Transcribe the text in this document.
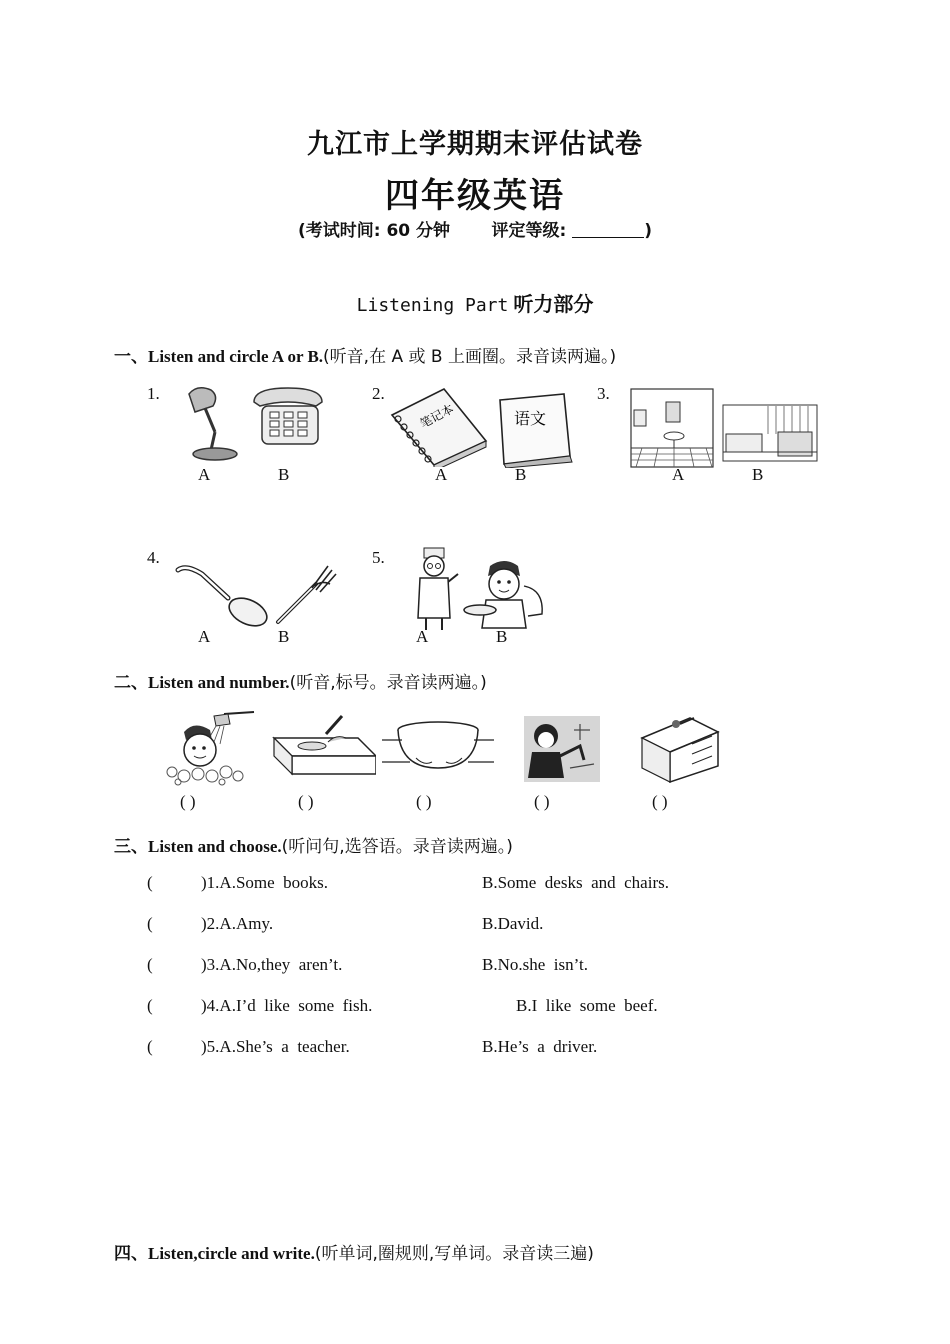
九江市上学期期末评估试卷
四年级英语
(考试时间: 60 分钟 评定等级:	)
Listening Part 听力部分
一、Listen and circle A or B.(听音,在 A 或 B 上画圈。录音读两遍。)
1.
A	B
2.
笔记本	语文
A	B
3.
A	B
4.
A	B
5.
A	B
二、Listen and number.(听音,标号。录音读两遍。)
( )	( )	( )	( )	( )
三、Listen and choose.(听问句,选答语。录音读两遍。)
(	)1.A.Some  books.	B.Some  desks  and  chairs.
(	)2.A.Amy.	B.David.
(	)3.A.No,they  aren’t.	B.No.she  isn’t.
(	)4.A.I’d  like  some  fish.	B.I  like  some  beef.
(	)5.A.She’s  a  teacher.	B.He’s  a  driver.
四、Listen,circle and write.(听单词,圈规则,写单词。录音读三遍)
